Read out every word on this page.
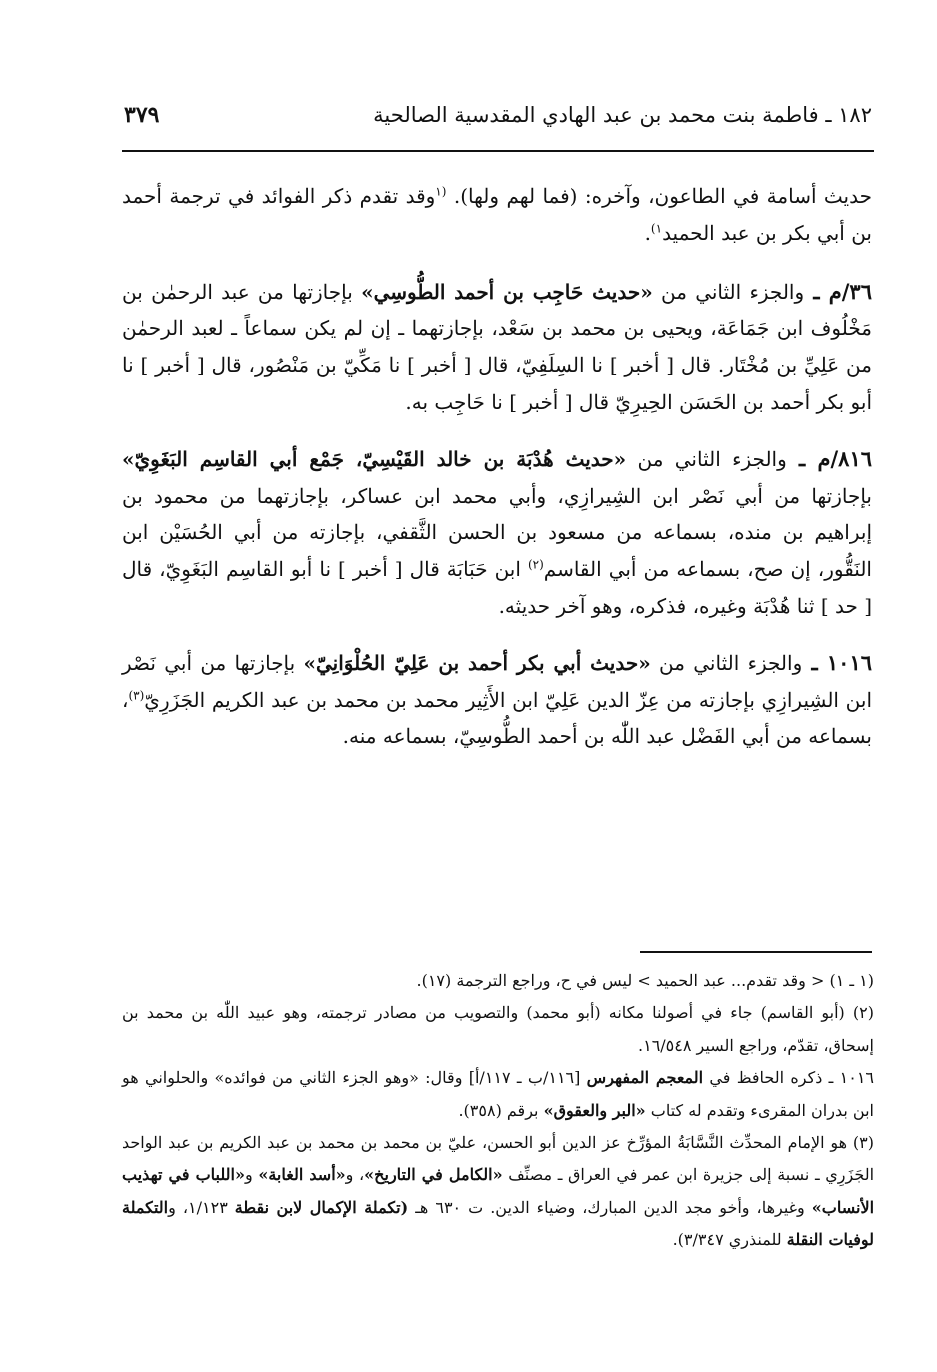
١٨٢ ـ فاطمة بنت محمد بن عبد الهادي المقدسية الصالحية
٣٧٩

حديث أسامة في الطاعون، وآخره: (فما لهم ولها). $^{(١}$وقد تقدم ذكر الفوائد في ترجمة أحمد بن أبي بكر بن عبد الحميد$^{١)}$.

٣٦/م ـ والجزء الثاني من «حديث حَاجِب بن أحمد الطُّوسِي» بإجازتها من عبد الرحمٰن بن مَخْلُوف ابن جَمَاعَة، ويحيى بن محمد بن سَعْد، بإجازتهما ـ إن لم يكن سماعاً ـ لعبد الرحمٰن من عَلِيِّ بن مُخْتَار. قال [ أخبر ] نا السِلَفِيّ، قال [ أخبر ] نا مَكِّيّ بن مَنْصُور، قال [ أخبر ] نا أبو بكر أحمد بن الحَسَن الحِيرِيّ قال [ أخبر ] نا حَاجِب به.

٨١٦/م ـ والجزء الثاني من «حديث هُدْبَة بن خالد القَيْسِيّ، جَمْع أبي القاسِم البَغَوِيّ» بإجازتها من أبي نَصْر ابن الشِيرازِي، وأبي محمد ابن عساكر، بإجازتهما من محمود بن إبراهيم بن منده، بسماعه من مسعود بن الحسن الثَّقفي، بإجازته من أبي الحُسَيْن ابن النَقُّور، إن صح، بسماعه من أبي القاسم$^{(٢)}$ ابن حَبَابَة قال [ أخبر ] نا أبو القاسِم البَغَوِيّ، قال [ حد ] ثنا هُدْبَة وغيره، فذكره، وهو آخر حديثه.

١٠١٦ ـ والجزء الثاني من «حديث أبي بكر أحمد بن عَلِيّ الحُلْوَانِيّ» بإجازتها من أبي نَصْر ابن الشِيرازِي بإجازته من عِزّ الدين عَلِيّ ابن الأَثِير محمد بن محمد بن عبد الكريم الجَزَرِيّ$^{(٣)}$، بسماعه من أبي الفَضْل عبد اللّٰه بن أحمد الطُّوسِيّ، بسماعه منه.

(١ ـ ١) < وقد تقدم... عبد الحميد > ليس في ح، وراجع الترجمة (١٧).

(٢) (أبو القاسم) جاء في أصولنا مكانه (أبو محمد) والتصويب من مصادر ترجمته، وهو عبيد اللّٰه بن محمد بن إسحاق، تقدّم، وراجع السير ١٦/٥٤٨.

١٠١٦ ـ ذكره الحافظ في المعجم المفهرس [١١٦/ب ـ ١١٧/أ] وقال: «وهو الجزء الثاني من فوائده» والحلواني هو ابن بدران المقرىء وتقدم له كتاب «البر والعقوق» برقم (٣٥٨).

(٣) هو الإمام المحدِّث النَّسَّابَةُ المؤرِّخ عز الدين أبو الحسن، عليّ بن محمد بن محمد بن عبد الكريم بن عبد الواحد الجَزَرِي ـ نسبة إلى جزيرة ابن عمر في العراق ـ مصنِّف «الكامل في التاريخ»، و«أسد الغابة» و«اللباب في تهذيب الأنساب» وغيرها، وأخو مجد الدين المبارك، وضياء الدين. ت ٦٣٠ هـ (تكملة الإكمال لابن نقطة ١/١٢٣، والتكملة لوفيات النقلة للمنذري ٣/٣٤٧).
